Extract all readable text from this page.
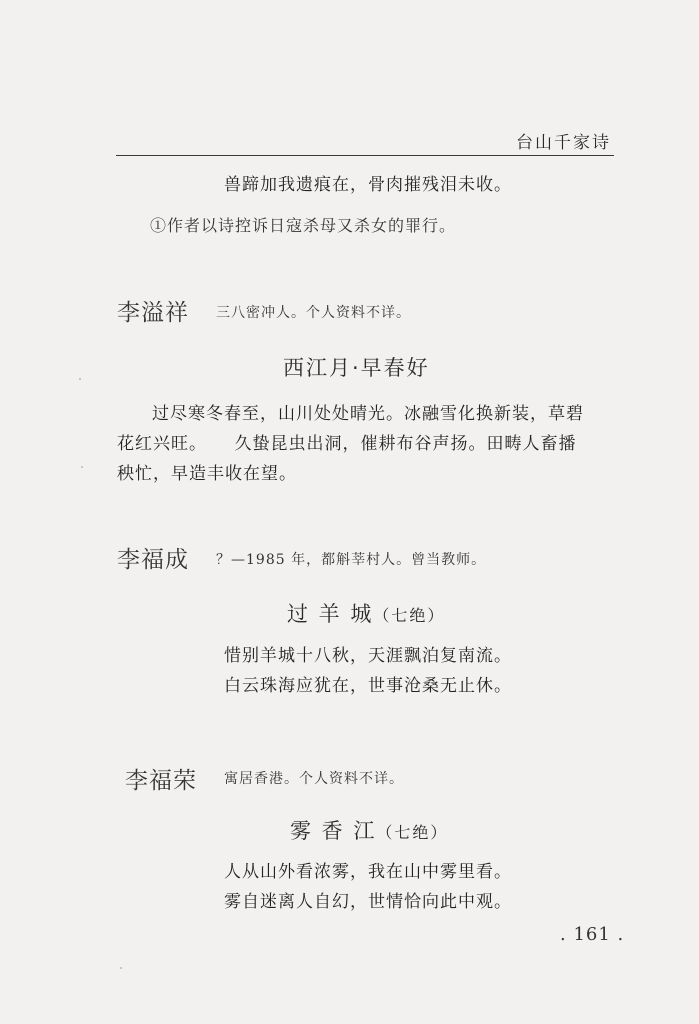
台山千家诗
兽蹄加我遗痕在，骨肉摧残泪未收。
①作者以诗控诉日寇杀母又杀女的罪行。
李溢祥 三八密冲人。个人资料不详。
西江月·早春好
过尽寒冬春至，山川处处晴光。冰融雪化换新装，草碧
花红兴旺。　　久蛰昆虫出洞，催耕布谷声扬。田畴人畜播
秧忙，早造丰收在望。
李福成 ？—1985 年，都斛莘村人。曾当教师。
过 羊 城（七绝）
惜别羊城十八秋，天涯飘泊复南流。
白云珠海应犹在，世事沧桑无止休。
李福荣 寓居香港。个人资料不详。
雾 香 江（七绝）
人从山外看浓雾，我在山中雾里看。
雾自迷离人自幻，世情恰向此中观。
. 161 .
